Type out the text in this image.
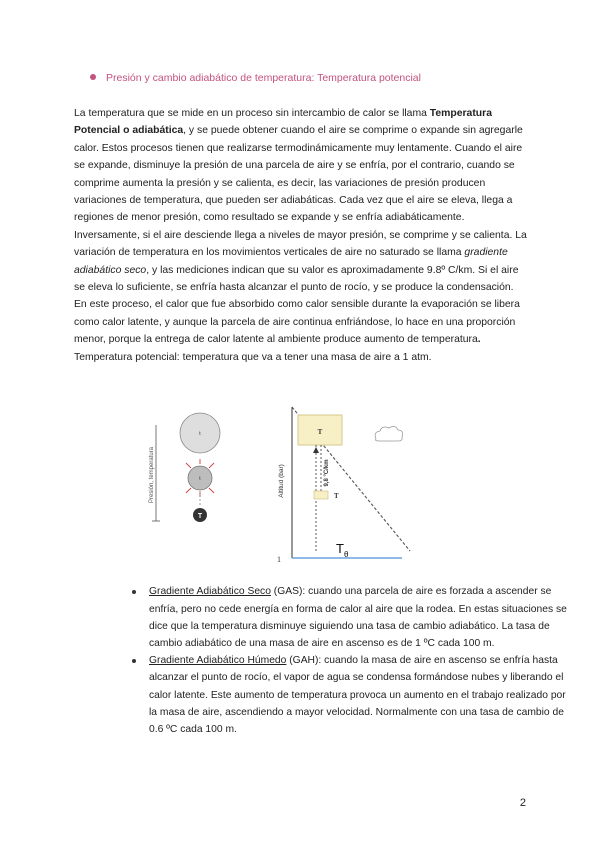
Presión y cambio adiabático de temperatura: Temperatura potencial

La temperatura que se mide en un proceso sin intercambio de calor se llama Temperatura Potencial o adiabática, y se puede obtener cuando el aire se comprime o expande sin agregarle calor. Estos procesos tienen que realizarse termodinámicamente muy lentamente. Cuando el aire se expande, disminuye la presión de una parcela de aire y se enfría, por el contrario, cuando se comprime aumenta la presión y se calienta, es decir, las variaciones de presión producen variaciones de temperatura, que pueden ser adiabáticas. Cada vez que el aire se eleva, llega a regiones de menor presión, como resultado se expande y se enfría adiabáticamente. Inversamente, si el aire desciende llega a niveles de mayor presión, se comprime y se calienta. La variación de temperatura en los movimientos verticales de aire no saturado se llama gradiente adiabático seco, y las mediciones indican que su valor es aproximadamente 9.8º C/km. Si el aire se eleva lo suficiente, se enfría hasta alcanzar el punto de rocío, y se produce la condensación. En este proceso, el calor que fue absorbido como calor sensible durante la evaporación se libera como calor latente, y aunque la parcela de aire continua enfriándose, lo hace en una proporción menor, porque la entrega de calor latente al ambiente produce aumento de temperatura.

Temperatura potencial: temperatura que va a tener una masa de aire a 1 atm.

Presión, temperatura
t
t
T
Altitud (bar)
1
T
9,8 °C/km
T
$T_\theta$
Gradiente Adiabático Seco (GAS): cuando una parcela de aire es forzada a ascender se enfría, pero no cede energía en forma de calor al aire que la rodea. En estas situaciones se dice que la temperatura disminuye siguiendo una tasa de cambio adiabático. La tasa de cambio adiabático de una masa de aire en ascenso es de 1 ºC cada 100 m.
Gradiente Adiabático Húmedo (GAH): cuando la masa de aire en ascenso se enfría hasta alcanzar el punto de rocío, el vapor de agua se condensa formándose nubes y liberando el calor latente. Este aumento de temperatura provoca un aumento en el trabajo realizado por la masa de aire, ascendiendo a mayor velocidad. Normalmente con una tasa de cambio de 0.6 ºC cada 100 m.
2
